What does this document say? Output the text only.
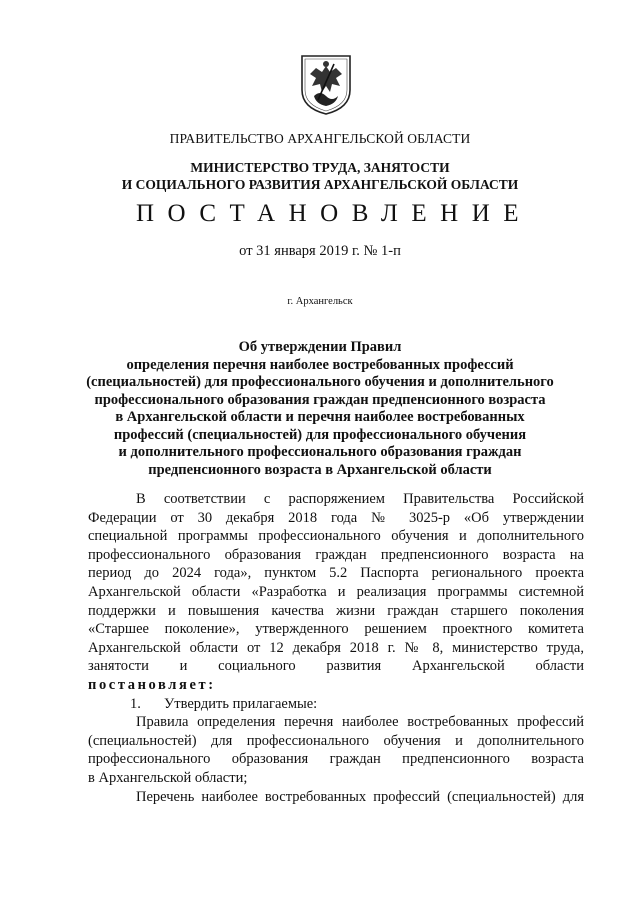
ПРАВИТЕЛЬСТВО АРХАНГЕЛЬСКОЙ ОБЛАСТИ
МИНИСТЕРСТВО ТРУДА, ЗАНЯТОСТИ
И СОЦИАЛЬНОГО РАЗВИТИЯ АРХАНГЕЛЬСКОЙ ОБЛАСТИ
ПОСТАНОВЛЕНИЕ
от 31 января 2019 г. № 1-п
г. Архангельск
Об утверждении Правил
определения перечня наиболее востребованных профессий
(специальностей) для профессионального обучения и дополнительного
профессионального образования граждан предпенсионного возраста
в Архангельской области и перечня наиболее востребованных
профессий (специальностей) для профессионального обучения
и дополнительного профессионального образования граждан
предпенсионного возраста в Архангельской области

В соответствии с распоряжением Правительства Российской

Федерации от 30 декабря 2018 года № 3025-р «Об утверждении

специальной программы профессионального обучения и дополнительного

профессионального образования граждан предпенсионного возраста на

период до 2024 года», пунктом 5.2 Паспорта регионального проекта

Архангельской области «Разработка и реализация программы системной

поддержки и повышения качества жизни граждан старшего поколения

«Старшее поколение», утвержденного решением проектного комитета

Архангельской области от 12 декабря 2018 г. № 8, министерство труда,

занятости и социального развития Архангельской области

постановляет:

1. Утвердить прилагаемые:

Правила определения перечня наиболее востребованных профессий

(специальностей) для профессионального обучения и дополнительного

профессионального образования граждан предпенсионного возраста

в Архангельской области;

Перечень наиболее востребованных профессий (специальностей) для
